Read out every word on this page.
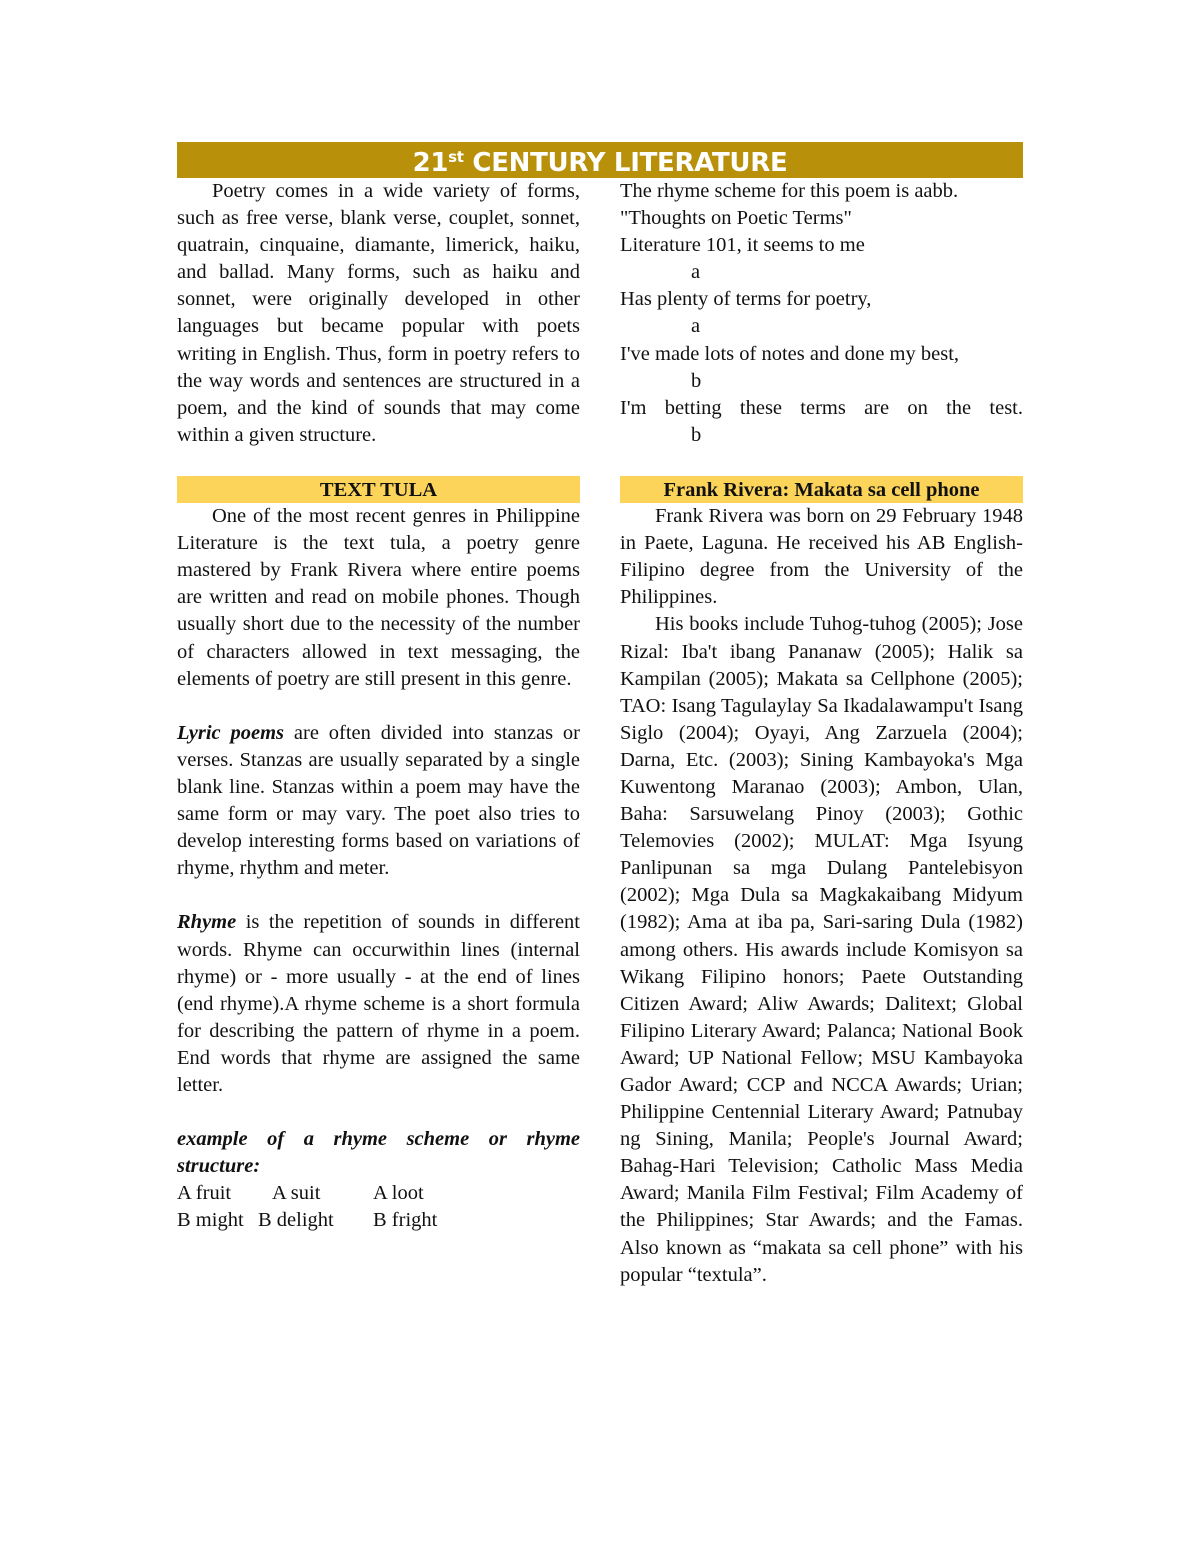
21st CENTURY LITERATURE

Poetry comes in a wide variety of forms, such as free verse, blank verse, couplet, sonnet, quatrain, cinquaine, diamante, limerick, haiku, and ballad. Many forms, such as haiku and sonnet, were originally developed in other languages but became popular with poets writing in English. Thus, form in poetry refers to the way words and sentences are structured in a poem, and the kind of sounds that may come within a given structure.

TEXT TULA

One of the most recent genres in Philippine Literature is the text tula, a poetry genre mastered by Frank Rivera where entire poems are written and read on mobile phones. Though usually short due to the necessity of the number of characters allowed in text messaging, the elements of poetry are still present in this genre.

Lyric poems are often divided into stanzas or verses. Stanzas are usually separated by a single blank line. Stanzas within a poem may have the same form or may vary. The poet also tries to develop interesting forms based on variations of rhyme, rhythm and meter.

Rhyme is the repetition of sounds in different words. Rhyme can occurwithin lines (internal rhyme) or - more usually - at the end of lines (end rhyme).A rhyme scheme is a short formula for describing the pattern of rhyme in a poem. End words that rhyme are assigned the same letter.

example of a rhyme scheme or rhyme structure:

A fruit	A suit	A loot
B might B delight	B fright

The rhyme scheme for this poem is aabb.

"Thoughts on Poetic Terms"

Literature 101, it seems to me

a

Has plenty of terms for poetry,

a

I've made lots of notes and done my best,

b

I'm betting these terms are on the test.

b

Frank Rivera: Makata sa cell phone

Frank Rivera was born on 29 February 1948 in Paete, Laguna. He received his AB English-Filipino degree from the University of the Philippines.

His books include Tuhog-tuhog (2005); Jose Rizal: Iba't ibang Pananaw (2005); Halik sa Kampilan (2005); Makata sa Cellphone (2005); TAO: Isang Tagulaylay Sa Ikadalawampu't Isang Siglo (2004); Oyayi, Ang Zarzuela (2004); Darna, Etc. (2003); Sining Kambayoka's Mga Kuwentong Maranao (2003); Ambon, Ulan, Baha: Sarsuwelang Pinoy (2003); Gothic Telemovies (2002); MULAT: Mga Isyung Panlipunan sa mga Dulang Pantelebisyon (2002); Mga Dula sa Magkakaibang Midyum (1982); Ama at iba pa, Sari-saring Dula (1982) among others. His awards include Komisyon sa Wikang Filipino honors; Paete Outstanding Citizen Award; Aliw Awards; Dalitext; Global Filipino Literary Award; Palanca; National Book Award; UP National Fellow; MSU Kambayoka Gador Award; CCP and NCCA Awards; Urian; Philippine Centennial Literary Award; Patnubay ng Sining, Manila; People's Journal Award; Bahag-Hari Television; Catholic Mass Media Award; Manila Film Festival; Film Academy of the Philippines; Star Awards; and the Famas. Also known as “makata sa cell phone” with his popular “textula”.
